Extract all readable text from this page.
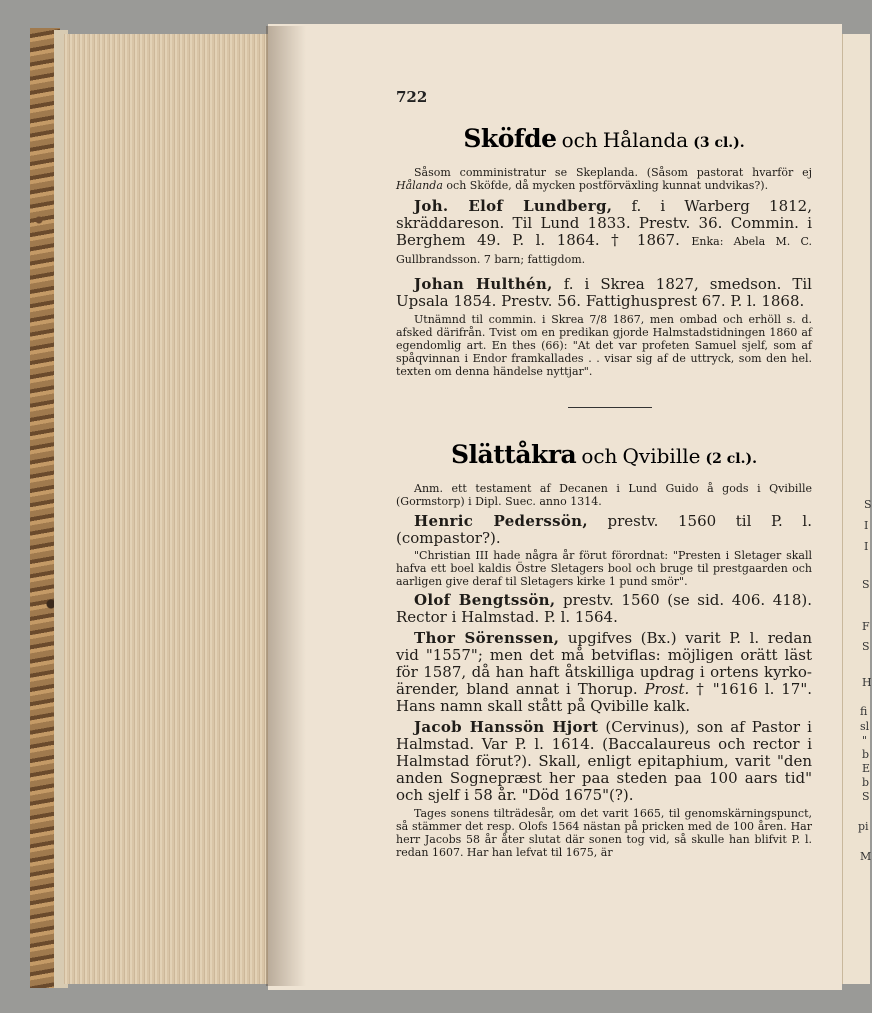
S
I
I
S
F
S
H
fi
sl
"
b
E
b
S
pi
M
722
Sköfde och Hålanda (3 cl.).

Såsom comministratur se Skeplanda. (Såsom pastorat hvarför ej Hålanda och Sköfde, då mycken postförväxling kunnat undvikas?).

Joh. Elof Lundberg, f. i Warberg 1812, skräddareson. Til Lund 1833. Prestv. 36. Commin. i Berghem 49. P. l. 1864. † 1867. Enka: Abela M. C. Gullbrandsson. 7 barn; fattigdom.

Johan Hulthén, f. i Skrea 1827, smedson. Til Upsala 1854. Prestv. 56. Fattighusprest 67. P. l. 1868.

Utnämnd til commin. i Skrea 7/8 1867, men ombad och erhöll s. d. afsked därifrån. Tvist om en predikan gjorde Halmstadstidningen 1860 af egendomlig art. En thes (66): "At det var profeten Samuel sjelf, som af spåqvinnan i Endor framkallades . . visar sig af de uttryck, som den hel. texten om denna händelse nyttjar".

Slättåkra och Qvibille (2 cl.).

Anm. ett testament af Decanen i Lund Guido å gods i Qvibille (Gormstorp) i Dipl. Suec. anno 1314.

Henric Pederssön, prestv. 1560 til P. l. (compastor?).

"Christian III hade några år förut förordnat: "Presten i Sletager skall hafva ett boel kaldis Östre Sletagers bool och bruge til prestgaarden och aarligen give deraf til Sletagers kirke 1 pund smör".

Olof Bengtssön, prestv. 1560 (se sid. 406. 418). Rector i Halmstad. P. l. 1564.

Thor Sörenssen, upgifves (Bx.) varit P. l. redan vid "1557"; men det må betviflas: möjligen orätt läst för 1587, då han haft åtskilliga updrag i ortens kyrkoärender, bland annat i Thorup. Prost. † "1616 l. 17". Hans namn skall stått på Qvibille kalk.

Jacob Hanssön Hjort (Cervinus), son af Pastor i Halmstad. Var P. l. 1614. (Baccalaureus och rector i Halmstad förut?). Skall, enligt epitaphium, varit "den anden Sognepræst her paa steden paa 100 aars tid" och sjelf i 58 år. "Död 1675"(?).

Tages sonens tilträdesår, om det varit 1665, til genomskärningspunct, så stämmer det resp. Olofs 1564 nästan på pricken med de 100 åren. Har herr Jacobs 58 år åter slutat där sonen tog vid, så skulle han blifvit P. l. redan 1607. Har han lefvat til 1675, är
